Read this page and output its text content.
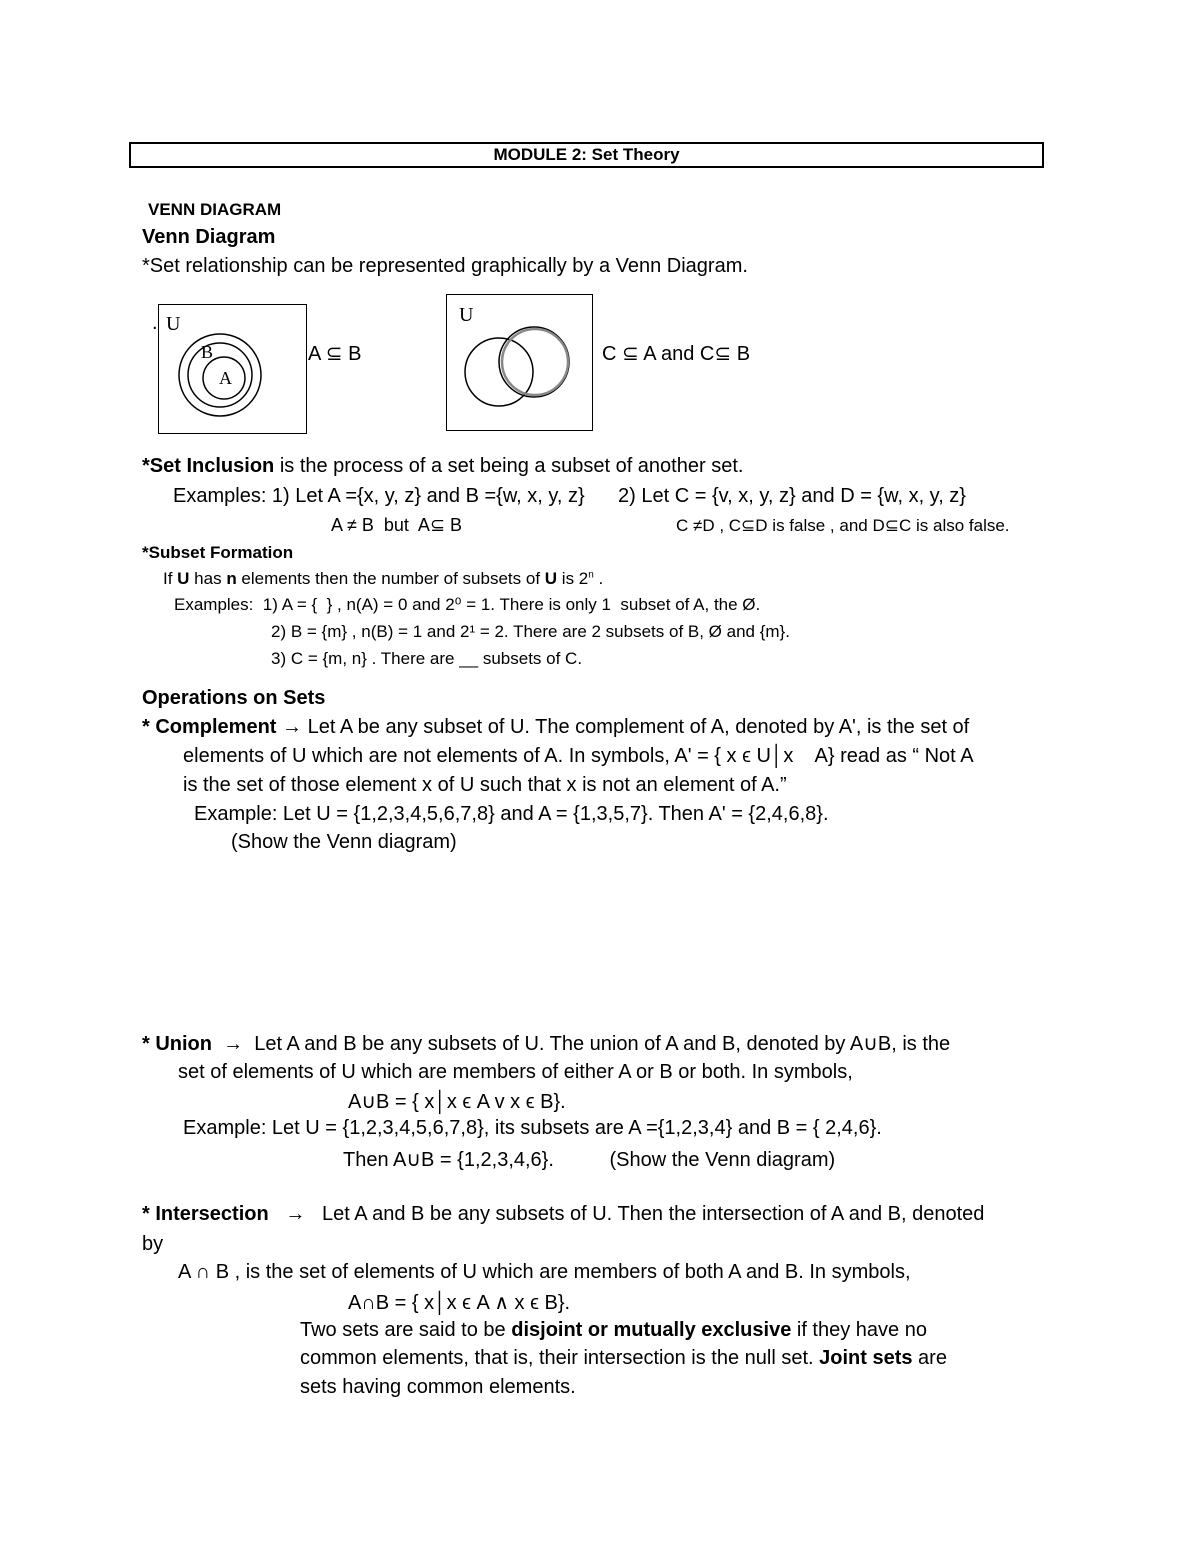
MODULE 2: Set Theory
VENN DIAGRAM
Venn Diagram
*Set relationship can be represented graphically by a Venn Diagram.
. U
B
A
A ⊆ B
U
C ⊆ A and C⊆ B
*Set Inclusion is the process of a set being a subset of another set.
Examples: 1) Let A ={x, y, z} and B ={w, x, y, z}      2) Let C = {v, x, y, z} and D = {w, x, y, z}
A ≠ B  but  A⊆ B	C ≠D , C⊆D is false , and D⊆C is also false.
*Subset Formation
If U has n elements then the number of subsets of U is 2$^n$ .
Examples:  1) A = {  } , n(A) = 0 and 2⁰ = 1. There is only 1  subset of A, the Ø.
2) B = {m} , n(B) = 1 and 2¹ = 2. There are 2 subsets of B, Ø and {m}.
3) C = {m, n} . There are __ subsets of C.
Operations on Sets
* Complement → Let A be any subset of U. The complement of A, denoted by A', is the set of
elements of U which are not elements of A. In symbols, A' = { x ϵ U│x    A} read as “ Not A
is the set of those element x of U such that x is not an element of A.”
Example: Let U = {1,2,3,4,5,6,7,8} and A = {1,3,5,7}. Then A' = {2,4,6,8}.
(Show the Venn diagram)
* Union → Let A and B be any subsets of U. The union of A and B, denoted by A∪B, is the
set of elements of U which are members of either A or B or both. In symbols,
A∪B = { x│x ϵ A v x ϵ B}.
Example: Let U = {1,2,3,4,5,6,7,8}, its subsets are A ={1,2,3,4} and B = { 2,4,6}.
Then A∪B = {1,2,3,4,6}.          (Show the Venn diagram)
* Intersection → Let A and B be any subsets of U. Then the intersection of A and B, denoted
by
A ∩ B , is the set of elements of U which are members of both A and B. In symbols,
A∩B = { x│x ϵ A ∧ x ϵ B}.
Two sets are said to be disjoint or mutually exclusive if they have no
common elements, that is, their intersection is the null set. Joint sets are
sets having common elements.
